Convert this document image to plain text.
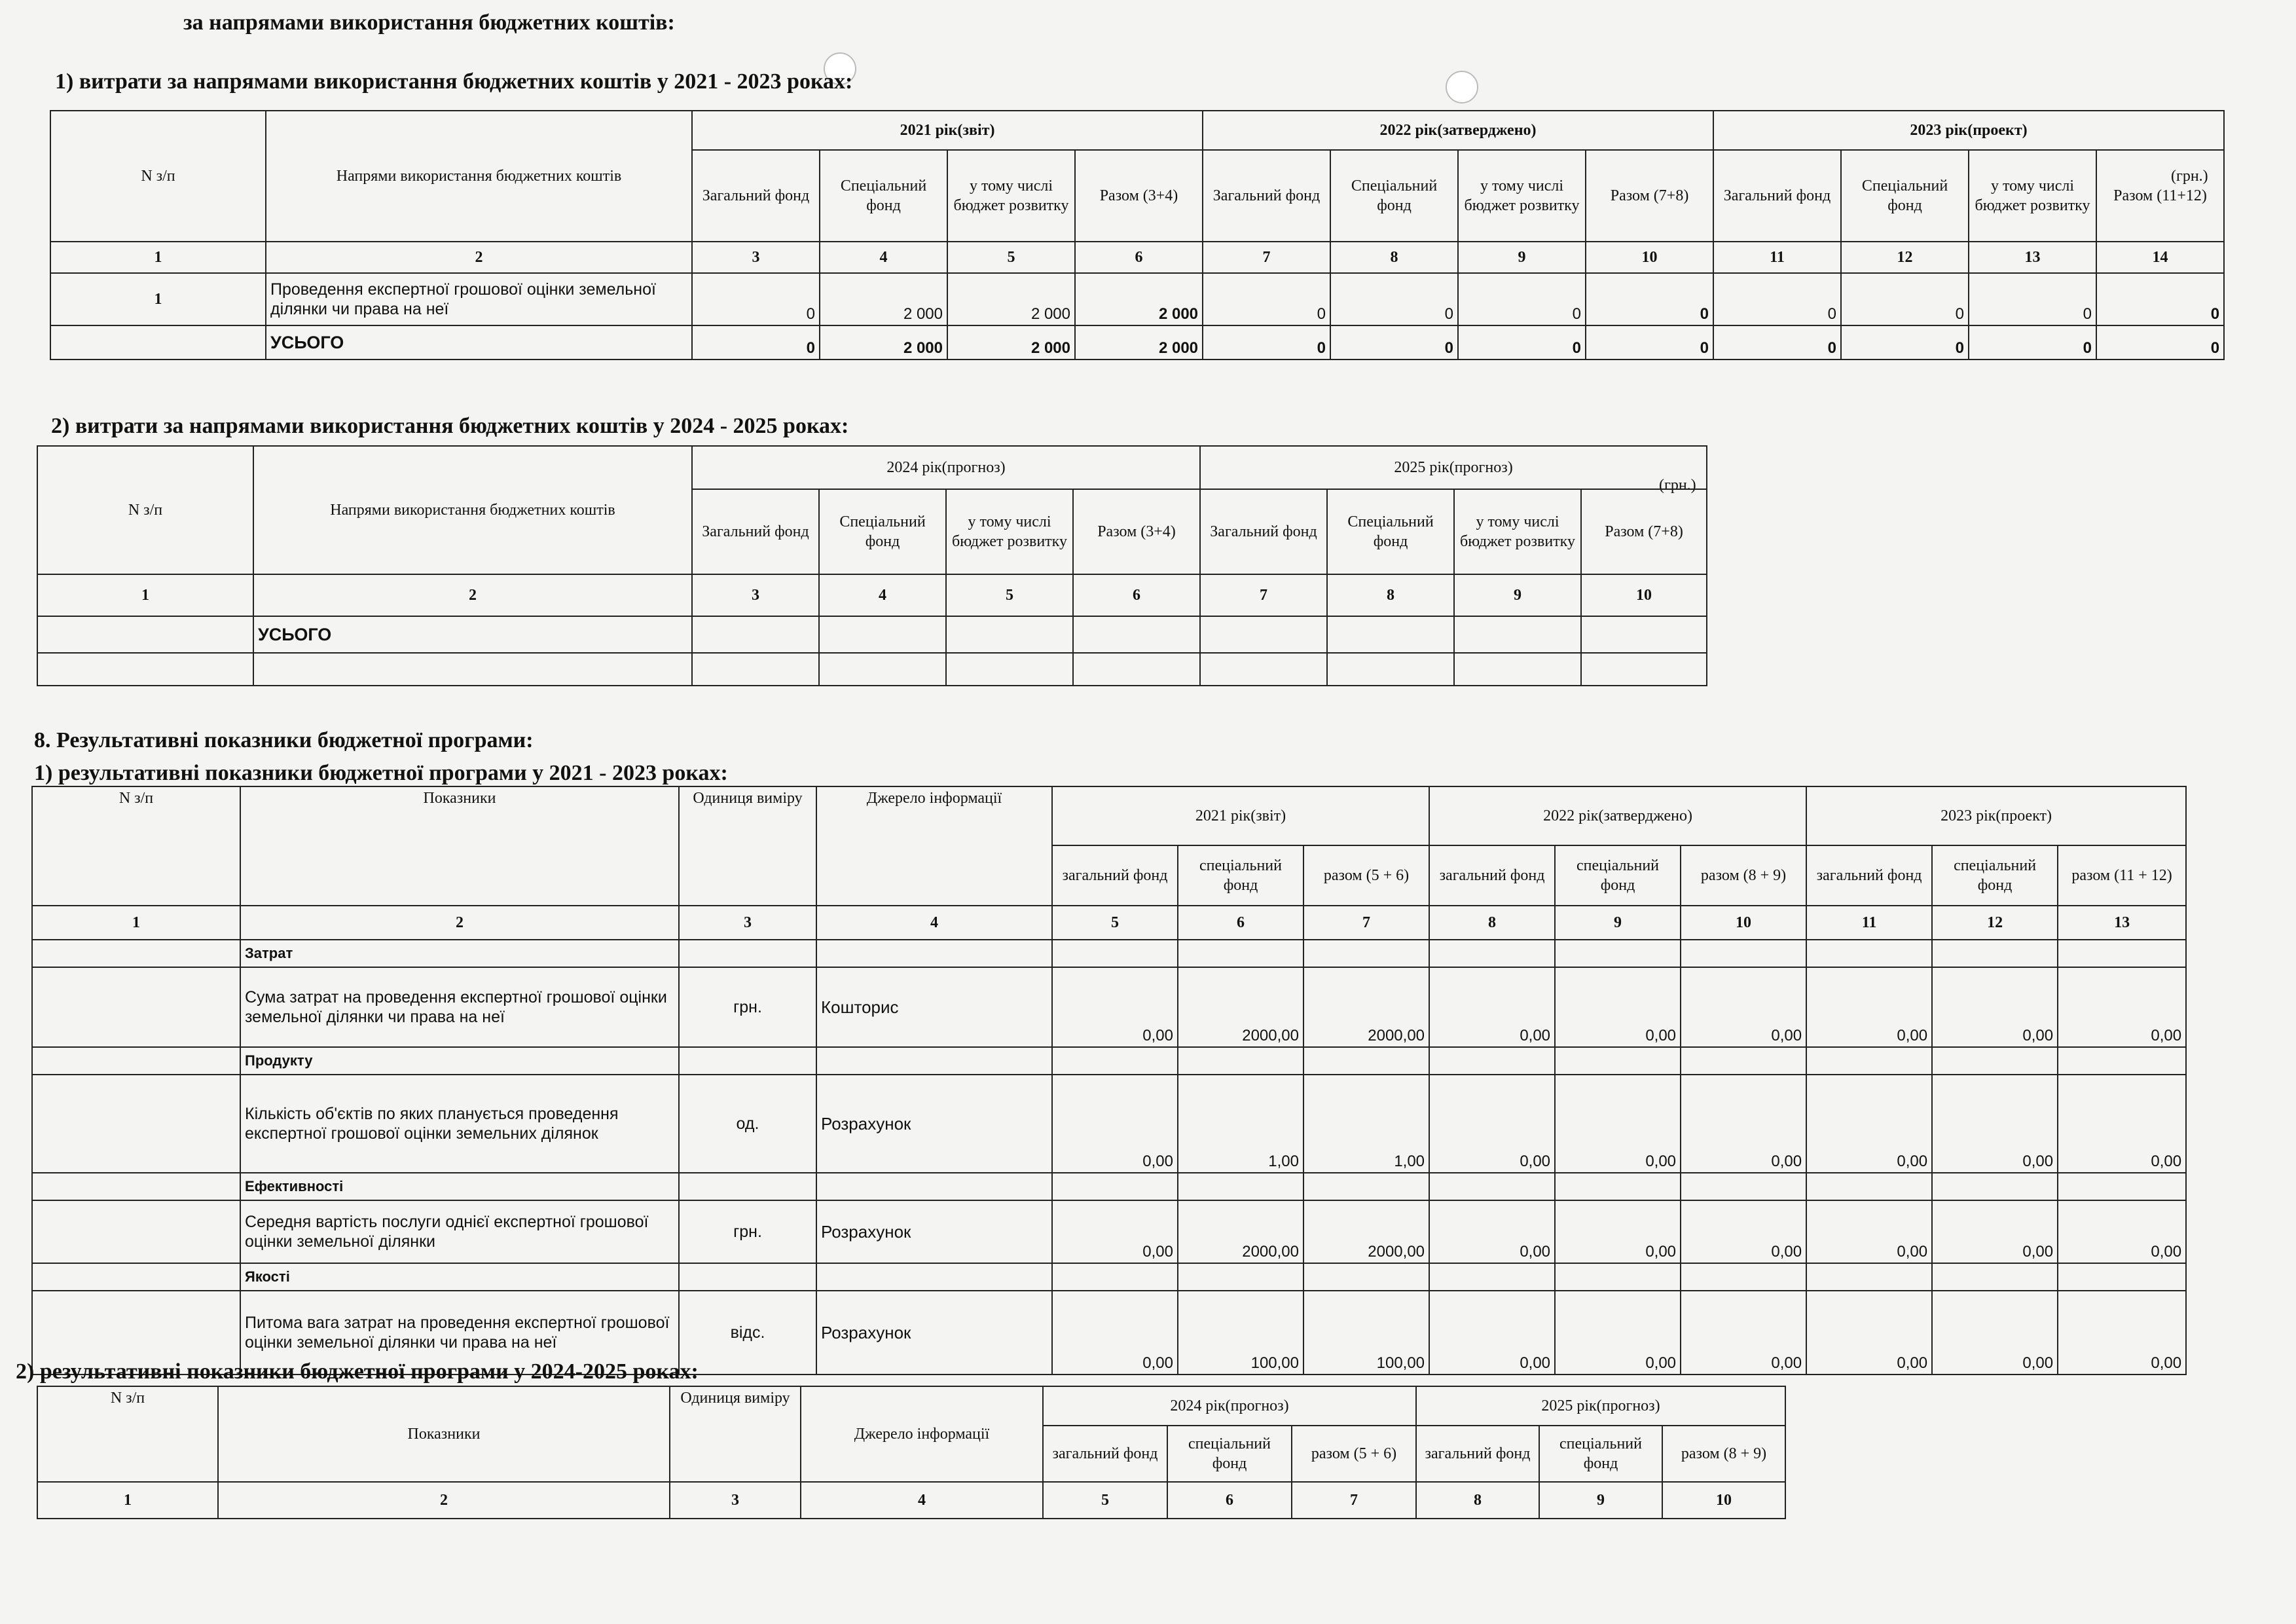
за напрямами використання бюджетних коштів:
1) витрати за напрямами використання бюджетних коштів у 2021 - 2023 роках:
(грн.)
N з/п	Напрями використання бюджетних коштів	2021 рік(звіт)				2022 рік(затверджено)				2023 рік(проект)			
		Загальний фонд	Спеціальний фонд	у тому числі бюджет розвитку	Разом (3+4)	Загальний фонд	Спеціальний фонд	у тому числі бюджет розвитку	Разом (7+8)	Загальний фонд	Спеціальний фонд	у тому числі бюджет розвитку	Разом (11+12)
1	2	3	4	5	6	7	8	9	10	11	12	13	14
1	Проведення експертної грошової оцінки земельної ділянки чи права на неї	0	2 000	2 000	2 000	0	0	0	0	0	0	0	0
	УСЬОГО	0	2 000	2 000	2 000	0	0	0	0	0	0	0	0
2) витрати за напрямами використання бюджетних коштів у 2024 - 2025 роках:
(грн.)
N з/п	Напрями використання бюджетних коштів	2024 рік(прогноз)				2025 рік(прогноз)			
		Загальний фонд	Спеціальний фонд	у тому числі бюджет розвитку	Разом (3+4)	Загальний фонд	Спеціальний фонд	у тому числі бюджет розвитку	Разом (7+8)
1	2	3	4	5	6	7	8	9	10
	УСЬОГО								

8. Результативні показники бюджетної програми:
1) результативні показники бюджетної програми у 2021 - 2023 роках:
N з/п	Показники	Одиниця виміру	Джерело інформації	2021 рік(звіт)			2022 рік(затверджено)			2023 рік(проект)		
				загальний фонд	спеціальний фонд	разом (5 + 6)	загальний фонд	спеціальний фонд	разом (8 + 9)	загальний фонд	спеціальний фонд	разом (11 + 12)
1	2	3	4	5	6	7	8	9	10	11	12	13
	Затрат											
	Сума затрат на проведення експертної грошової оцінки земельної ділянки чи права на неї	грн.	Кошторис	0,00	2000,00	2000,00	0,00	0,00	0,00	0,00	0,00	0,00
	Продукту											
	Кількість об'єктів по яких планується проведення експертної грошової оцінки земельних ділянок	од.	Розрахунок	0,00	1,00	1,00	0,00	0,00	0,00	0,00	0,00	0,00
	Ефективності											
	Середня вартість послуги однієї експертної грошової оцінки земельної ділянки	грн.	Розрахунок	0,00	2000,00	2000,00	0,00	0,00	0,00	0,00	0,00	0,00
	Якості											
	Питома вага затрат на проведення експертної грошової оцінки земельної ділянки чи права на неї	відс.	Розрахунок	0,00	100,00	100,00	0,00	0,00	0,00	0,00	0,00	0,00
2) результативні показники бюджетної програми у 2024-2025 роках:
N з/п	Показники	Одиниця виміру	Джерело інформації	2024 рік(прогноз)			2025 рік(прогноз)		
				загальний фонд	спеціальний фонд	разом (5 + 6)	загальний фонд	спеціальний фонд	разом (8 + 9)
1	2	3	4	5	6	7	8	9	10
